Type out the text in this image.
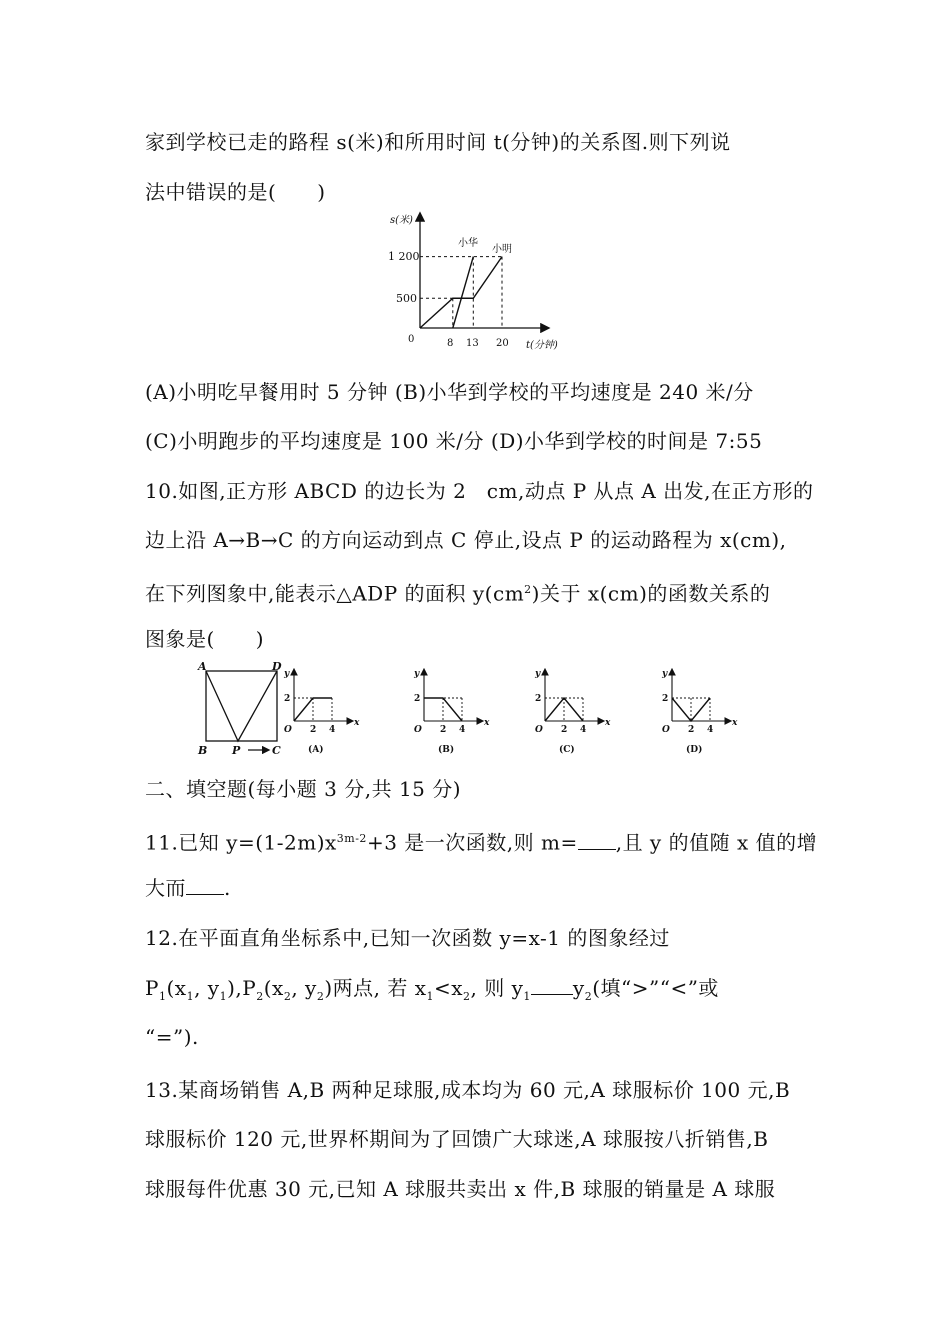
家到学校已走的路程 s(米)和所用时间 t(分钟)的关系图.则下列说
法中错误的是(　　)
s(米)
1 200
500
0	8 13 20 t(分钟)
小华
小明
(A)小明吃早餐用时 5 分钟 (B)小华到学校的平均速度是 240 米/分
(C)小明跑步的平均速度是 100 米/分 (D)小华到学校的时间是 7:55
10.如图,正方形 ABCD 的边长为 2　cm,动点 P 从点 A 出发,在正方形的
边上沿 A→B→C 的方向运动到点 C 停止,设点 P 的运动路程为 x(cm),
在下列图象中,能表示△ADP 的面积 $y(cm^2)$关于 x(cm)的函数关系的
图象是(　　)
A	D
B P	C
y
x
O
2
2 4
(A)
y
x
O
2
2 4
(B)
y
x
O
2
2 4
(C)
y
x
O
2
2 4
(D)
二、填空题(每小题 3 分,共 15 分)
11.已知 $y=(1-2m)x^{3m-2}+3$ 是一次函数,则 m= ,且 y 的值随 x 值的增
大而 .
12.在平面直角坐标系中,已知一次函数 y=x-1 的图象经过
$P_1(x_1$, $y_1),P_2(x_2$, $y_2$)两点, 若 $x_1<x_2$, 则 $y_1$ $y_2$(填“>”“<”或
“=”).
13.某商场销售 A,B 两种足球服,成本均为 60 元,A 球服标价 100 元,B
球服标价 120 元,世界杯期间为了回馈广大球迷,A 球服按八折销售,B
球服每件优惠 30 元,已知 A 球服共卖出 x 件,B 球服的销量是 A 球服
